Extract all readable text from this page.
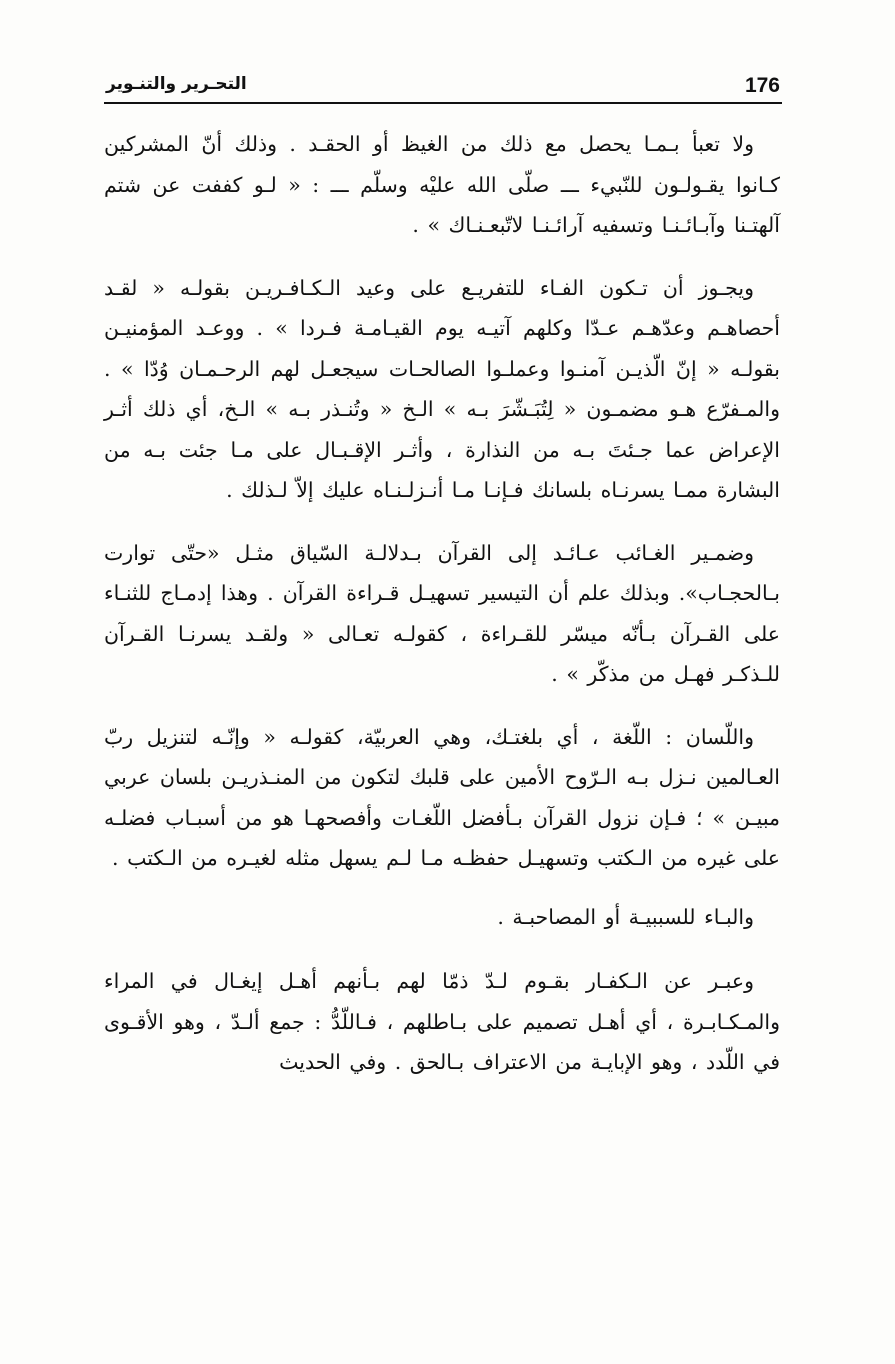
176
التحـرير والتنـوير

ولا تعبأ بـمـا يحصل مع ذلك من الغيظ أو الحقـد . وذلك أنّ المشركين كـانوا يقـولـون للنّبيء ـــ صلّى الله عليْه وسلّم ـــ : « لـو كففت عن شتم آلهتـنا وآبـائـنـا وتسفيه آرائـنـا لاتّبعـنـاك » .

ويجـوز أن تـكون الفـاء للتفريـع على وعيد الـكـافـريـن بقولـه « لقـد أحصاهـم وعدّهـم عـدّا وكلهم آتيـه يوم القيـامـة فـردا » . ووعـد المؤمنيـن بقولـه « إنّ الّذيـن آمنـوا وعملـوا الصالحـات سيجعـل لهم الرحـمـان وُدّا » . والمـفرّع هـو مضمـون « لِتُبَـشّرَ بـه » الـخ « وتُنـذر بـه » الـخ، أي ذلك أثـر الإعراض عما جـئتَ بـه من النذارة ، وأثـر الإقـبـال على مـا جئت بـه من البشارة ممـا يسرنـاه بلسانك فـإنـا مـا أنـزلـنـاه عليك إلاّ لـذلك .

وضمـير الغـائب عـائـد إلى القرآن بـدلالـة السّياق مثـل «حتّى توارت بـالحجـاب». وبذلك علم أن التيسير تسهيـل قـراءة القرآن . وهذا إدمـاج للثنـاء على القـرآن بـأنّه ميسّر للقـراءة ، كقولـه تعـالى « ولقـد يسرنـا القـرآن للـذكـر فهـل من مذكّر » .

واللّسان : اللّغة ، أي بلغتـك، وهي العربيّة، كقولـه « وإنّـه لتنزيل ربّ العـالمين نـزل بـه الـرّوح الأمين على قلبك لتكون من المنـذريـن بلسان عربي مبيـن » ؛ فـإن نزول القرآن بـأفضل اللّغـات وأفصحهـا هو من أسبـاب فضلـه على غيره من الـكتب وتسهيـل حفظـه مـا لـم يسهل مثله لغيـره من الـكتب .

والبـاء للسببيـة أو المصاحبـة .

وعبـر عن الـكفـار بقـوم لـدّ ذمّا لهم بـأنهم أهـل إيغـال في المراء والمـكـابـرة ، أي أهـل تصميم على بـاطلهم ، فـاللّدُّ : جمع ألـدّ ، وهو الأقـوى في اللّدد ، وهو الإبايـة من الاعتراف بـالحق . وفي الحديث
